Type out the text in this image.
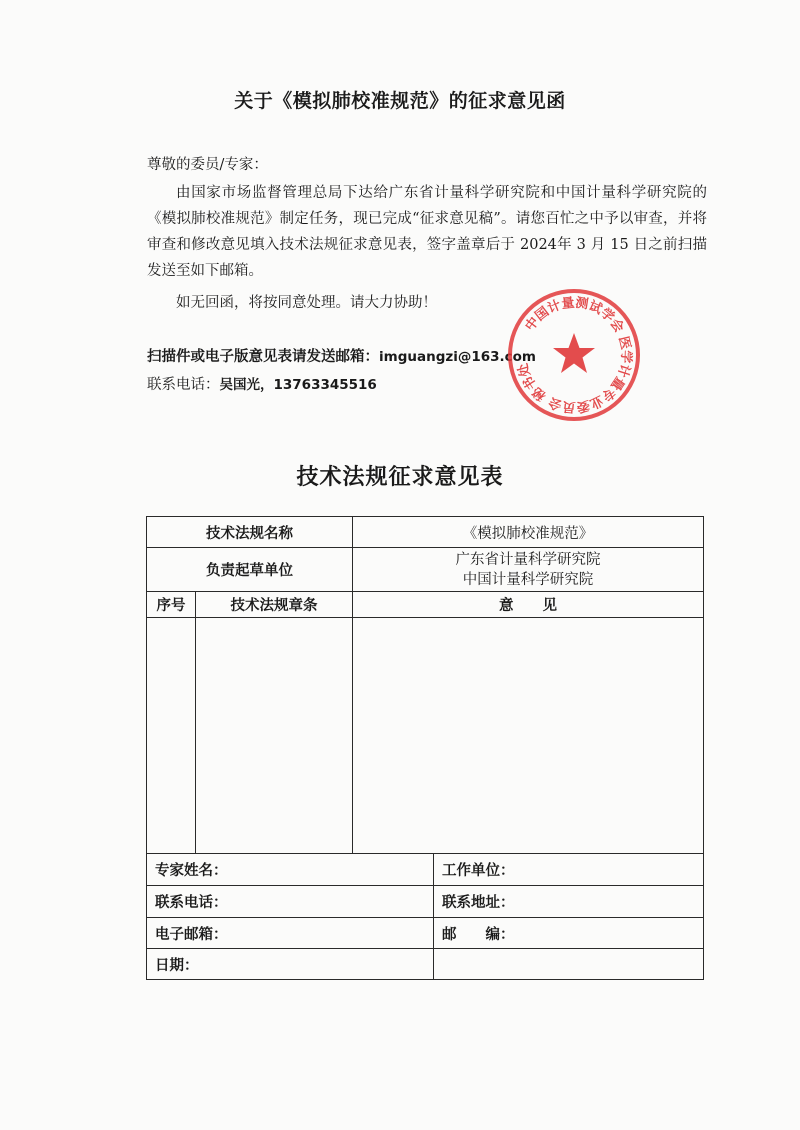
关于《模拟肺校准规范》的征求意见函
尊敬的委员/专家：
由国家市场监督管理总局下达给广东省计量科学研究院和中国计量科学研究院的《模拟肺校准规范》制定任务，现已完成“征求意见稿”。请您百忙之中予以审查，并将审查和修改意见填入技术法规征求意见表，签字盖章后于 2024年 3 月 15 日之前扫描发送至如下邮箱。
如无回函，将按同意处理。请大力协助！
扫描件或电子版意见表请发送邮箱：imguangzi@163.com
联系电话：吴国光，13763345516
中国计量测试学会 医学计量专业委员会 秘书处
技术法规征求意见表
技术法规名称		《模拟肺校准规范》	
负责起草单位		广东省计量科学研究院
中国计量科学研究院	

序号	技术法规章条	意　　见	

专家姓名：			工作单位：
联系电话：			联系地址：
电子邮箱：			邮　　编：
日期：			
